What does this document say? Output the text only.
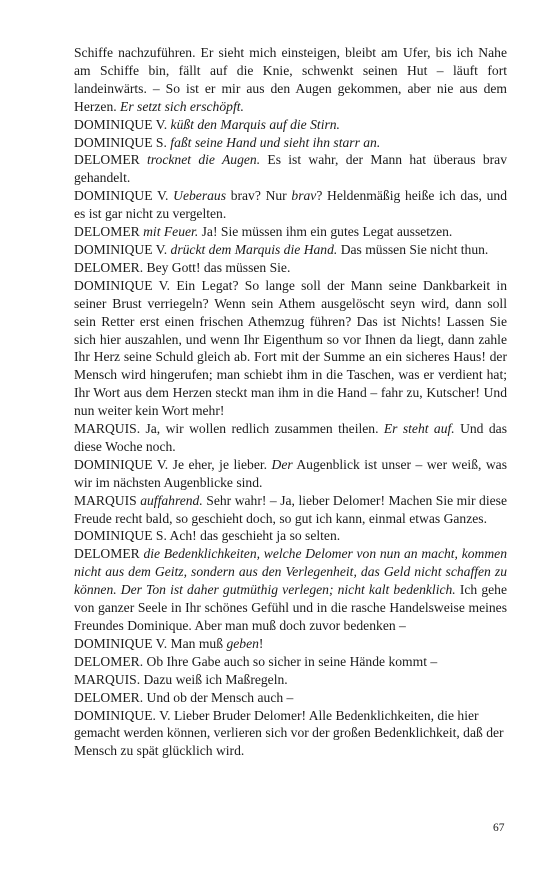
Schiffe nachzuführen. Er sieht mich einsteigen, bleibt am Ufer, bis ich Nahe am Schiffe bin, fällt auf die Knie, schwenkt seinen Hut – läuft fort landeinwärts. – So ist er mir aus den Augen gekommen, aber nie aus dem Herzen. Er setzt sich erschöpft.

DOMINIQUE V. küßt den Marquis auf die Stirn.

DOMINIQUE S. faßt seine Hand und sieht ihn starr an.

DELOMER trocknet die Augen. Es ist wahr, der Mann hat überaus brav gehandelt.

DOMINIQUE V. Ueberaus brav? Nur brav? Heldenmäßig heiße ich das, und es ist gar nicht zu vergelten.

DELOMER mit Feuer. Ja! Sie müssen ihm ein gutes Legat aussetzen.

DOMINIQUE V. drückt dem Marquis die Hand. Das müssen Sie nicht thun.

DELOMER. Bey Gott! das müssen Sie.

DOMINIQUE V. Ein Legat? So lange soll der Mann seine Dankbarkeit in seiner Brust verriegeln? Wenn sein Athem ausgelöscht seyn wird, dann soll sein Retter erst einen frischen Athemzug führen? Das ist Nichts! Lassen Sie sich hier auszahlen, und wenn Ihr Eigenthum so vor Ihnen da liegt, dann zahle Ihr Herz seine Schuld gleich ab. Fort mit der Summe an ein sicheres Haus! der Mensch wird hingerufen; man schiebt ihm in die Taschen, was er verdient hat; Ihr Wort aus dem Herzen steckt man ihm in die Hand – fahr zu, Kutscher! Und nun weiter kein Wort mehr!

MARQUIS. Ja, wir wollen redlich zusammen theilen. Er steht auf. Und das diese Woche noch.

DOMINIQUE V. Je eher, je lieber. Der Augenblick ist unser – wer weiß, was wir im nächsten Augenblicke sind.

MARQUIS auffahrend. Sehr wahr! – Ja, lieber Delomer! Machen Sie mir diese Freude recht bald, so geschieht doch, so gut ich kann, einmal etwas Ganzes.

DOMINIQUE S. Ach! das geschieht ja so selten.

DELOMER die Bedenklichkeiten, welche Delomer von nun an macht, kommen nicht aus dem Geitz, sondern aus den Verlegenheit, das Geld nicht schaffen zu können. Der Ton ist daher gutmüthig verlegen; nicht kalt bedenklich. Ich gehe von ganzer Seele in Ihr schönes Gefühl und in die rasche Handelsweise meines Freundes Dominique. Aber man muß doch zuvor bedenken –

DOMINIQUE V. Man muß geben!

DELOMER. Ob Ihre Gabe auch so sicher in seine Hände kommt –

MARQUIS. Dazu weiß ich Maßregeln.

DELOMER. Und ob der Mensch auch –

DOMINIQUE. V. Lieber Bruder Delomer! Alle Bedenklichkeiten, die hier gemacht werden können, verlieren sich vor der großen Bedenklichkeit, daß der Mensch zu spät glücklich wird.

67
